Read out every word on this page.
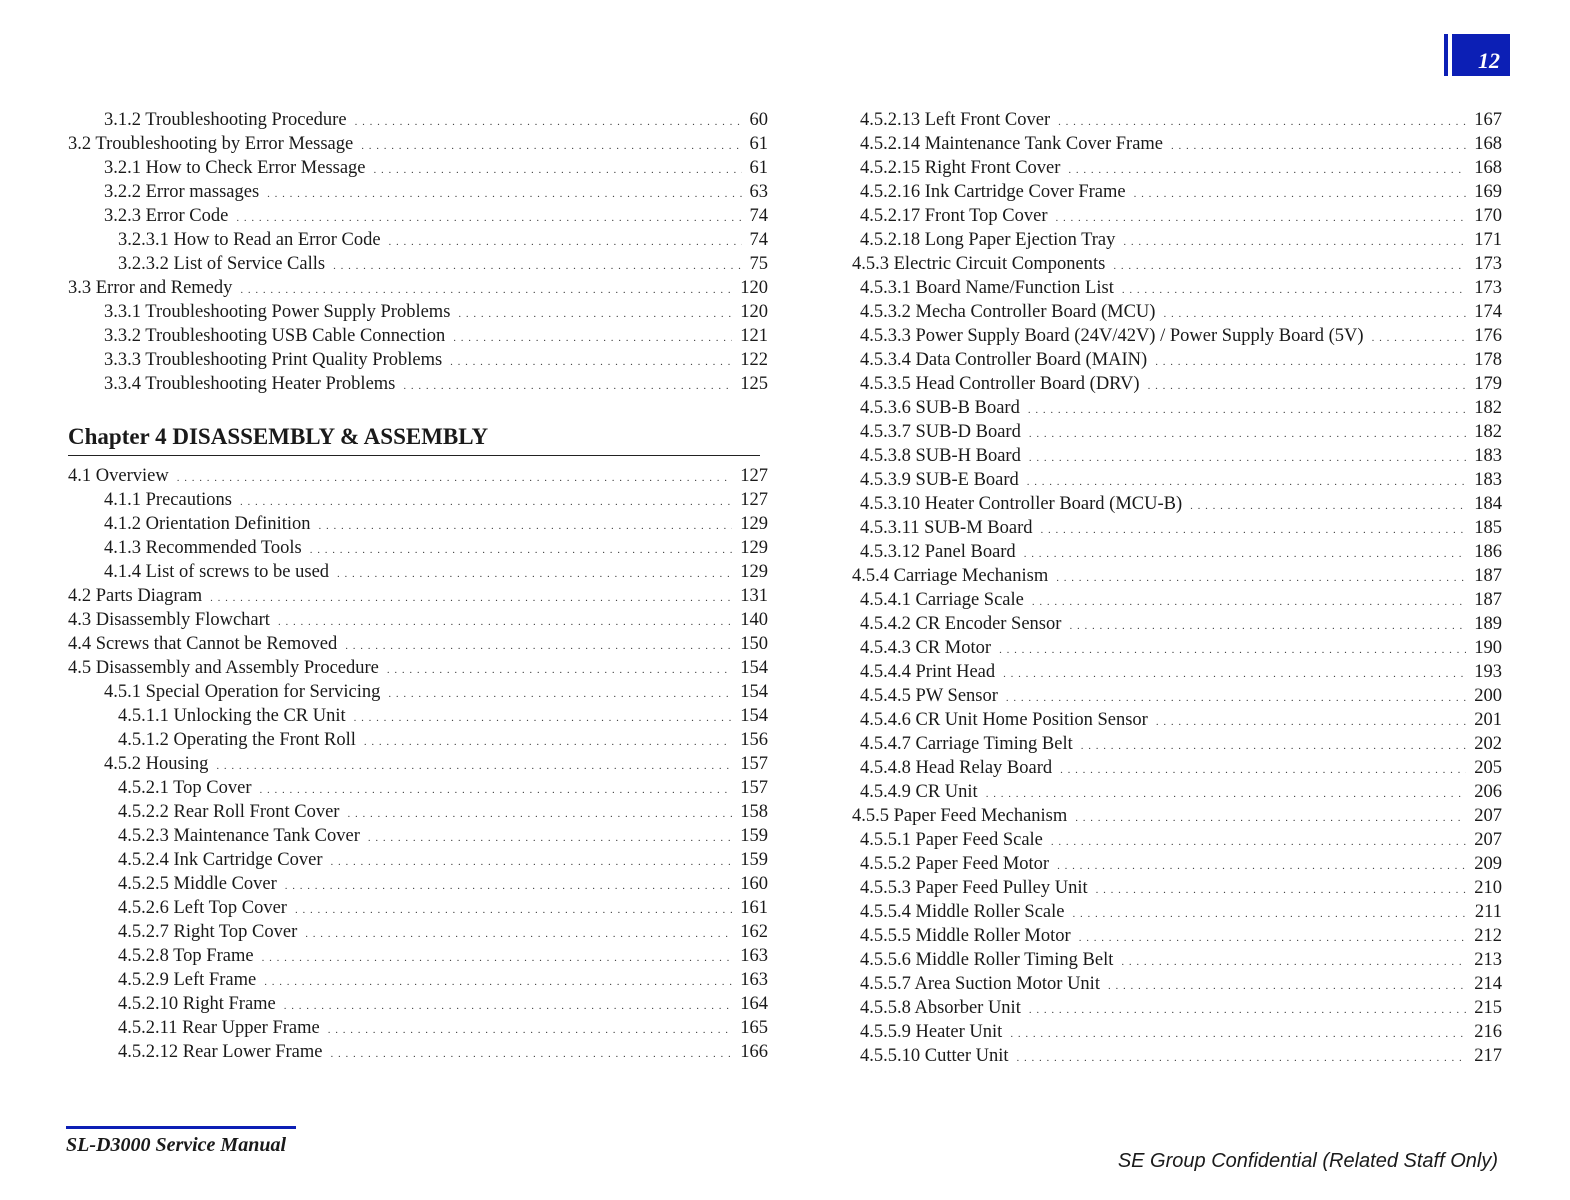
12
3.1.2 Troubleshooting Procedure . . .	60
3.2 Troubleshooting by Error Message . . .	61
3.2.1 How to Check Error Message . . .	61
3.2.2 Error massages . . .	63
3.2.3 Error Code . . .	74
3.2.3.1 How to Read an Error Code . . .	74
3.2.3.2 List of Service Calls . . .	75
3.3 Error and Remedy . . .	120
3.3.1 Troubleshooting Power Supply Problems . . .	120
3.3.2 Troubleshooting USB Cable Connection . . .	121
3.3.3 Troubleshooting Print Quality Problems . . .	122
3.3.4 Troubleshooting Heater Problems . . .	125
Chapter 4 DISASSEMBLY & ASSEMBLY
4.1 Overview . . .	127
4.1.1 Precautions . . .	127
4.1.2 Orientation Definition . . .	129
4.1.3 Recommended Tools . . .	129
4.1.4 List of screws to be used . . .	129
4.2 Parts Diagram . . .	131
4.3 Disassembly Flowchart . . .	140
4.4 Screws that Cannot be Removed . . .	150
4.5 Disassembly and Assembly Procedure . . .	154
4.5.1 Special Operation for Servicing . . .	154
4.5.1.1 Unlocking the CR Unit . . .	154
4.5.1.2 Operating the Front Roll . . .	156
4.5.2 Housing . . .	157
4.5.2.1 Top Cover . . .	157
4.5.2.2 Rear Roll Front Cover . . .	158
4.5.2.3 Maintenance Tank Cover . . .	159
4.5.2.4 Ink Cartridge Cover . . .	159
4.5.2.5 Middle Cover . . .	160
4.5.2.6 Left Top Cover . . .	161
4.5.2.7 Right Top Cover . . .	162
4.5.2.8 Top Frame . . .	163
4.5.2.9 Left Frame . . .	163
4.5.2.10 Right Frame . . .	164
4.5.2.11 Rear Upper Frame . . .	165
4.5.2.12 Rear Lower Frame . . .	166
4.5.2.13 Left Front Cover . . .	167
4.5.2.14 Maintenance Tank Cover Frame . . .	168
4.5.2.15 Right Front Cover . . .	168
4.5.2.16 Ink Cartridge Cover Frame . . .	169
4.5.2.17 Front Top Cover . . .	170
4.5.2.18 Long Paper Ejection Tray . . .	171
4.5.3 Electric Circuit Components . . .	173
4.5.3.1 Board Name/Function List . . .	173
4.5.3.2 Mecha Controller Board (MCU) . . .	174
4.5.3.3 Power Supply Board (24V/42V) / Power Supply Board (5V) . . .	176
4.5.3.4 Data Controller Board (MAIN) . . .	178
4.5.3.5 Head Controller Board (DRV) . . .	179
4.5.3.6 SUB-B Board . . .	182
4.5.3.7 SUB-D Board . . .	182
4.5.3.8 SUB-H Board . . .	183
4.5.3.9 SUB-E Board . . .	183
4.5.3.10 Heater Controller Board (MCU-B) . . .	184
4.5.3.11 SUB-M Board . . .	185
4.5.3.12 Panel Board . . .	186
4.5.4 Carriage Mechanism . . .	187
4.5.4.1 Carriage Scale . . .	187
4.5.4.2 CR Encoder Sensor . . .	189
4.5.4.3 CR Motor . . .	190
4.5.4.4 Print Head . . .	193
4.5.4.5 PW Sensor . . .	200
4.5.4.6 CR Unit Home Position Sensor . . .	201
4.5.4.7 Carriage Timing Belt . . .	202
4.5.4.8 Head Relay Board . . .	205
4.5.4.9 CR Unit . . .	206
4.5.5 Paper Feed Mechanism . . .	207
4.5.5.1 Paper Feed Scale . . .	207
4.5.5.2 Paper Feed Motor . . .	209
4.5.5.3 Paper Feed Pulley Unit . . .	210
4.5.5.4 Middle Roller Scale . . .	211
4.5.5.5 Middle Roller Motor . . .	212
4.5.5.6 Middle Roller Timing Belt . . .	213
4.5.5.7 Area Suction Motor Unit . . .	214
4.5.5.8 Absorber Unit . . .	215
4.5.5.9 Heater Unit . . .	216
4.5.5.10 Cutter Unit . . .	217
SL-D3000 Service Manual
SE Group Confidential (Related Staff Only)
